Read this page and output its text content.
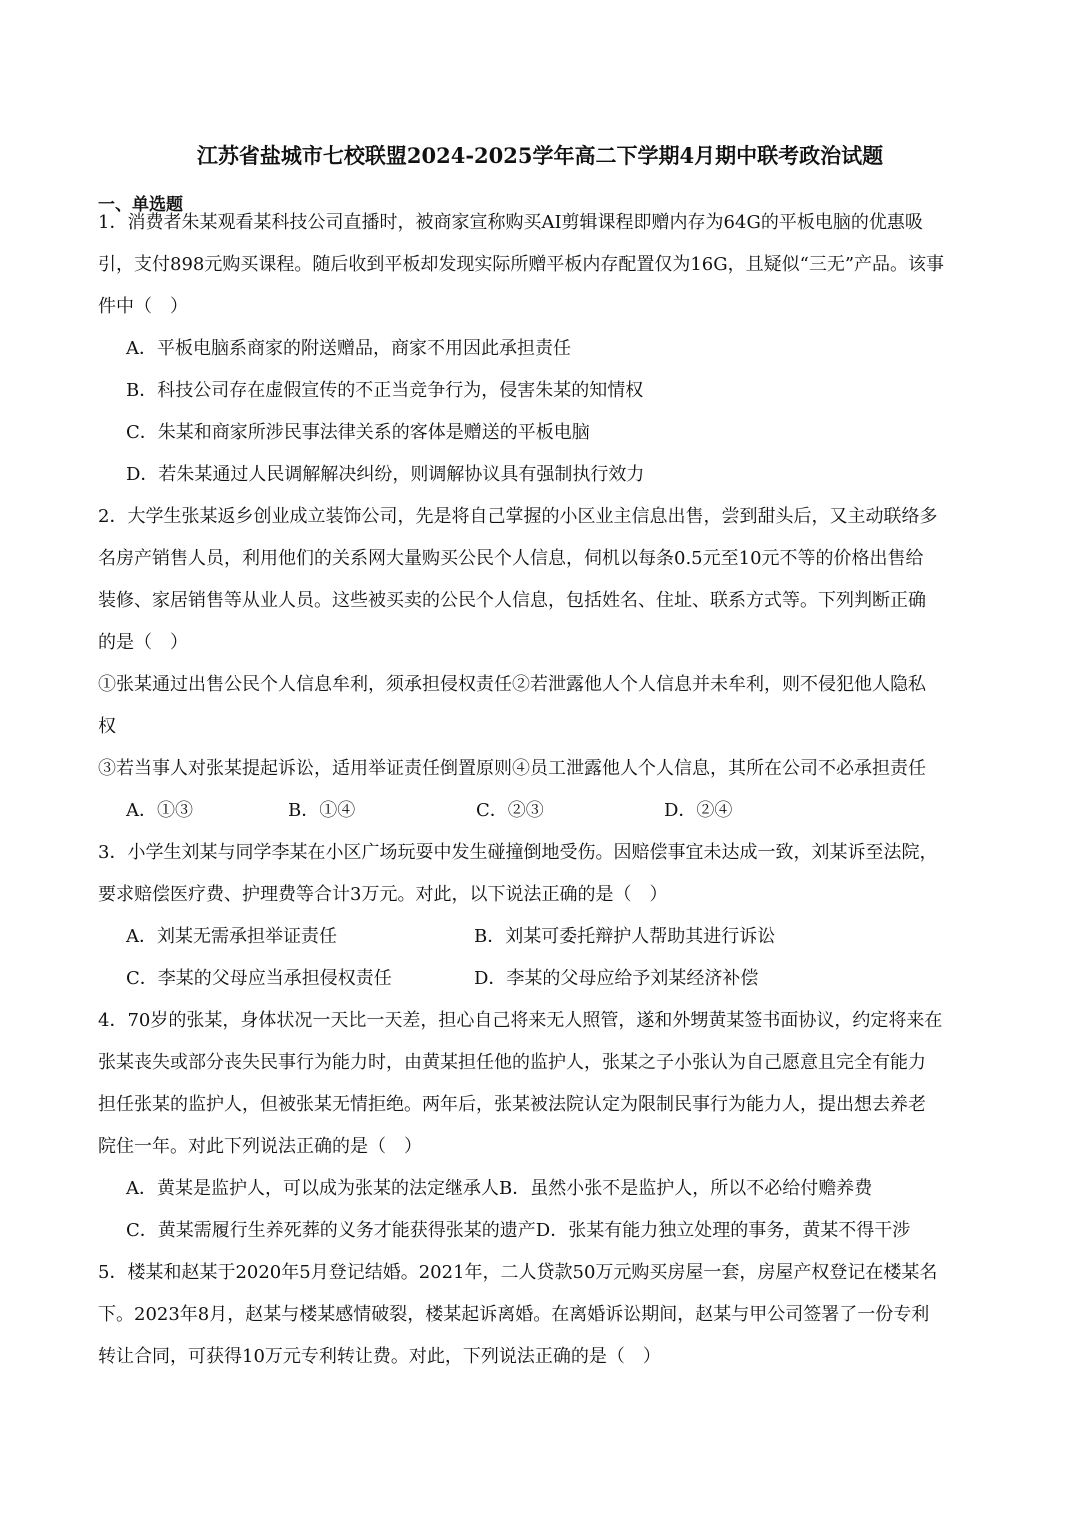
江苏省盐城市七校联盟2024-2025学年高二下学期4月期中联考政治试题
一、单选题
1．消费者朱某观看某科技公司直播时，被商家宣称购买AI剪辑课程即赠内存为64G的平板电脑的优惠吸
引，支付898元购买课程。随后收到平板却发现实际所赠平板内存配置仅为16G，且疑似“三无”产品。该事
件中（　）
A．平板电脑系商家的附送赠品，商家不用因此承担责任
B．科技公司存在虚假宣传的不正当竞争行为，侵害朱某的知情权
C．朱某和商家所涉民事法律关系的客体是赠送的平板电脑
D．若朱某通过人民调解解决纠纷，则调解协议具有强制执行效力
2．大学生张某返乡创业成立装饰公司，先是将自己掌握的小区业主信息出售，尝到甜头后，又主动联络多
名房产销售人员，利用他们的关系网大量购买公民个人信息，伺机以每条0.5元至10元不等的价格出售给
装修、家居销售等从业人员。这些被买卖的公民个人信息，包括姓名、住址、联系方式等。下列判断正确
的是（　）
①张某通过出售公民个人信息牟利，须承担侵权责任②若泄露他人个人信息并未牟利，则不侵犯他人隐私
权
③若当事人对张某提起诉讼，适用举证责任倒置原则④员工泄露他人个人信息，其所在公司不必承担责任
A．①③	B．①④	C．②③	D．②④
3．小学生刘某与同学李某在小区广场玩耍中发生碰撞倒地受伤。因赔偿事宜未达成一致，刘某诉至法院，
要求赔偿医疗费、护理费等合计3万元。对此，以下说法正确的是（　）
A．刘某无需承担举证责任	B．刘某可委托辩护人帮助其进行诉讼
C．李某的父母应当承担侵权责任	D．李某的父母应给予刘某经济补偿
4．70岁的张某，身体状况一天比一天差，担心自己将来无人照管，遂和外甥黄某签书面协议，约定将来在
张某丧失或部分丧失民事行为能力时，由黄某担任他的监护人，张某之子小张认为自己愿意且完全有能力
担任张某的监护人，但被张某无情拒绝。两年后，张某被法院认定为限制民事行为能力人，提出想去养老
院住一年。对此下列说法正确的是（　）
A．黄某是监护人，可以成为张某的法定继承人B．虽然小张不是监护人，所以不必给付赡养费
C．黄某需履行生养死葬的义务才能获得张某的遗产D．张某有能力独立处理的事务，黄某不得干涉
5．楼某和赵某于2020年5月登记结婚。2021年，二人贷款50万元购买房屋一套，房屋产权登记在楼某名
下。2023年8月，赵某与楼某感情破裂，楼某起诉离婚。在离婚诉讼期间，赵某与甲公司签署了一份专利
转让合同，可获得10万元专利转让费。对此，下列说法正确的是（　）
